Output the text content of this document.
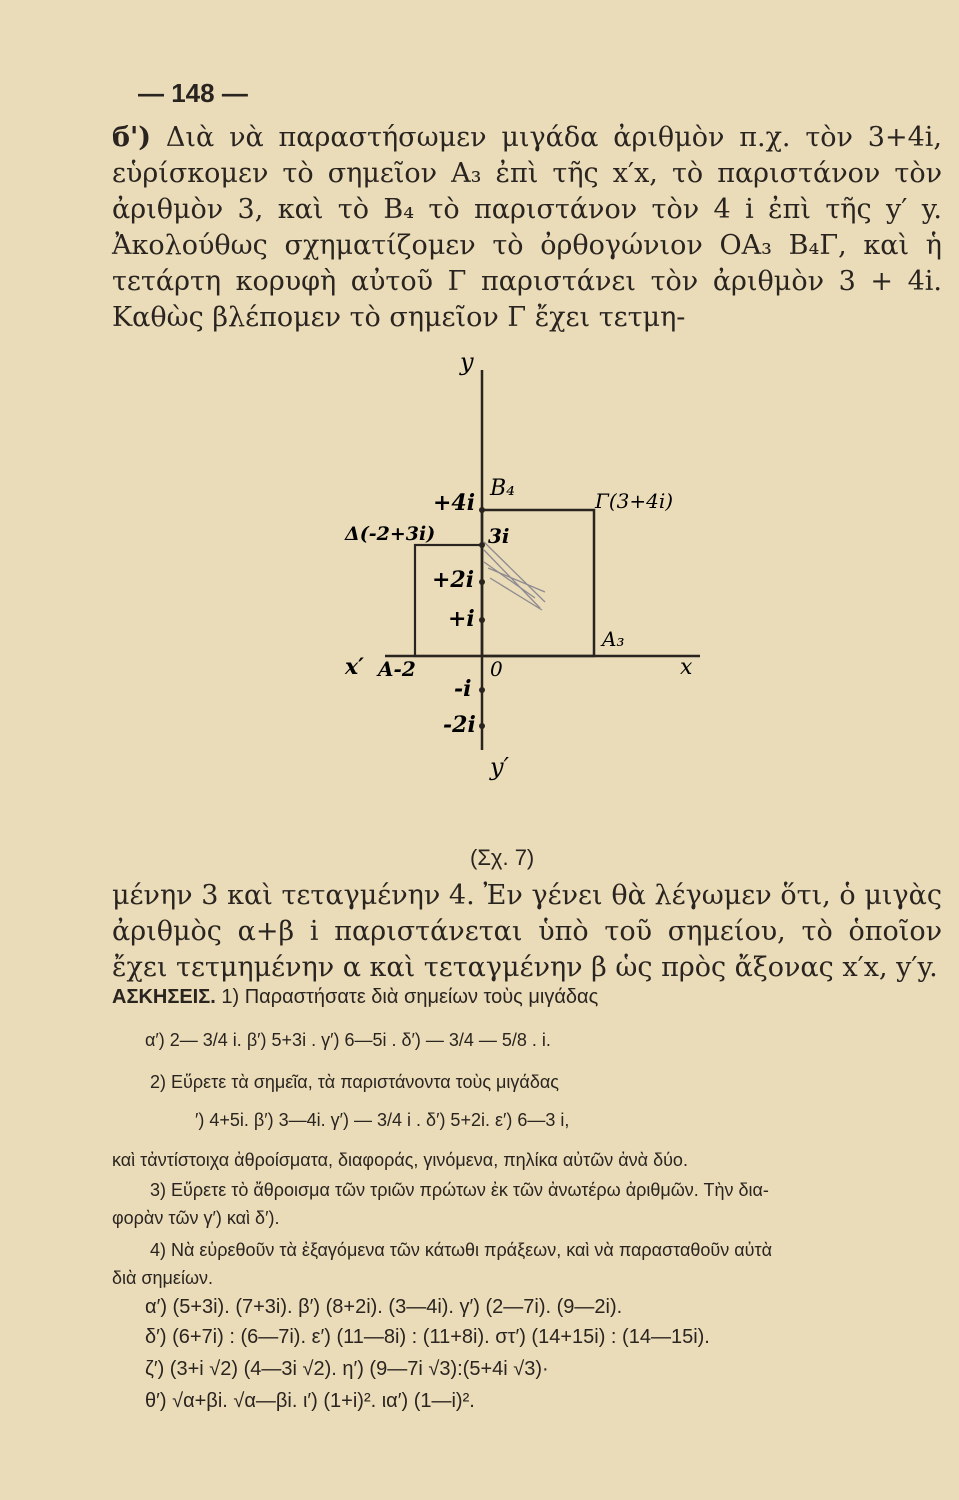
— 148 —

б') Διὰ νὰ παραστήσωμεν μιγάδα ἀριθμὸν π.χ. τὸν 3+4i, εὑρίσκομεν τὸ σημεῖον A₃ ἐπὶ τῆς x′x, τὸ παριστάνον τὸν ἀριθμὸν 3, καὶ τὸ B₄ τὸ παριστάνον τὸν 4 i ἐπὶ τῆς y′ y. Ἀκολούθως σχηματίζομεν τὸ ὀρθογώνιον OA₃ B₄Γ, καὶ ἡ τετάρτη κορυφὴ αὐτοῦ Γ παριστάνει τὸν ἀριθμὸν 3 + 4i. Καθὼς βλέπομεν τὸ σημεῖον Γ ἔχει τετμη-

y
y′
x
x′	0
B₄	Γ(3+4i)
Δ(-2+3i)
A₃
A-2
+4i
3i
+2i
+i
-i
-2i
(Σχ. 7)

μένην 3 καὶ τεταγμένην 4. Ἐν γένει θὰ λέγωμεν ὅτι, ὁ μιγὰς ἀριθμὸς α+β i παριστάνεται ὑπὸ τοῦ σημείου, τὸ ὁποῖον ἔχει τετμημένην α καὶ τεταγμένην β ὡς πρὸς ἄξονας x′x, y′y.

ΑΣΚΗΣΕΙΣ. 1) Παραστήσατε διὰ σημείων τοὺς μιγάδας
α′) 2— 3/4 i. β′) 5+3i . γ′) 6—5i . δ′) — 3/4 — 5/8 . i.
2) Εὕρετε τὰ σημεῖα, τὰ παριστάνοντα τοὺς μιγάδας
′) 4+5i. β′) 3—4i. γ′) — 3/4 i . δ′) 5+2i. ε′) 6—3 i,
καὶ τἀντίστοιχα ἀθροίσματα, διαφοράς, γινόμενα, πηλίκα αὐτῶν ἀνὰ δύο.
3) Εὕρετε τὸ ἄθροισμα τῶν τριῶν πρώτων ἐκ τῶν ἀνωτέρω ἀριθμῶν. Τὴν δια-
φορὰν τῶν γ′) καὶ δ′).
4) Νὰ εὑρεθοῦν τὰ ἐξαγόμενα τῶν κάτωθι πράξεων, καὶ νὰ παρασταθοῦν αὐτὰ
διὰ σημείων.
α′) (5+3i). (7+3i). β′) (8+2i). (3—4i). γ′) (2—7i). (9—2i).
δ′) (6+7i) : (6—7i). ε′) (11—8i) : (11+8i). στ′) (14+15i) : (14—15i).
ζ′) (3+i √2) (4—3i √2). η′) (9—7i √3):(5+4i √3)·
θ′) √α+βi. √α—βi. ι′) (1+i)². ια′) (1—i)².
